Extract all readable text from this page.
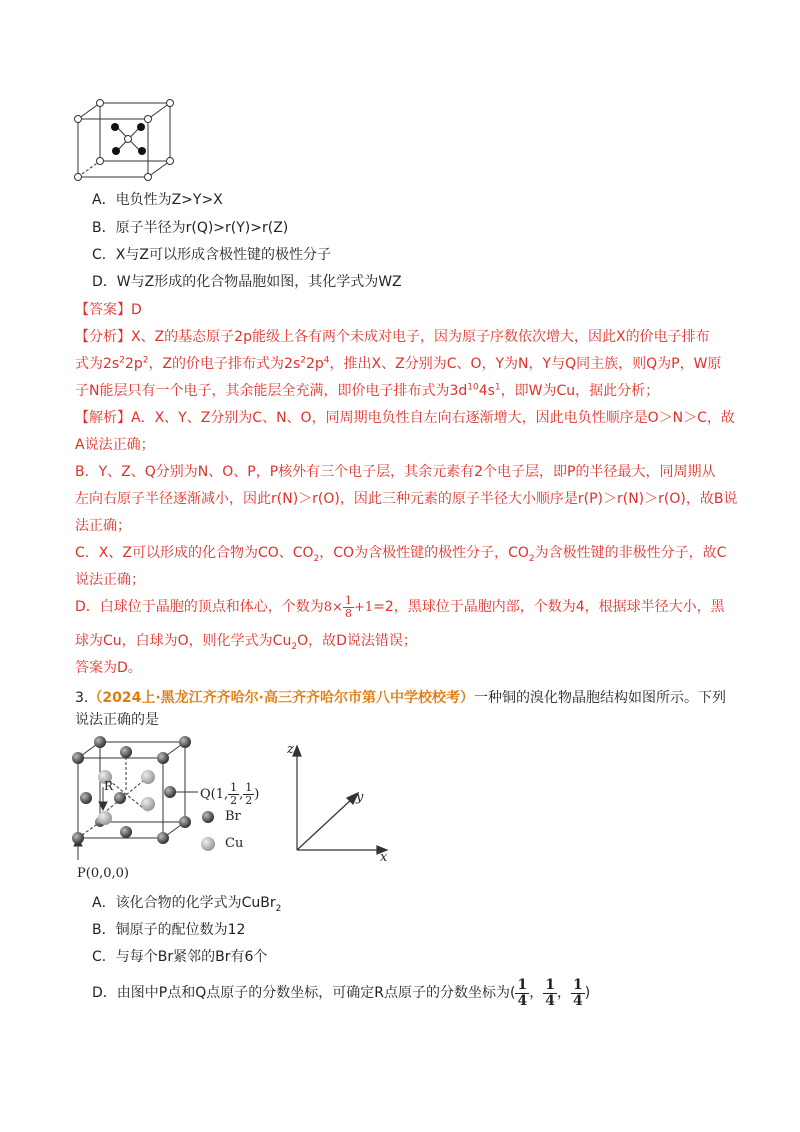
A．电负性为Z>Y>X
B．原子半径为r(Q)>r(Y)>r(Z)
C．X与Z可以形成含极性键的极性分子
D．W与Z形成的化合物晶胞如图，其化学式为WZ
【答案】D
【分析】X、Z的基态原子2p能级上各有两个未成对电子，因为原子序数依次增大，因此X的价电子排布
式为$2s^22p^2$，Z的价电子排布式为$2s^22p^4$，推出X、Z分别为C、O，Y为N，Y与Q同主族，则Q为P，W原
子N能层只有一个电子，其余能层全充满，即价电子排布式为$3d^{10}4s^1$，即W为Cu，据此分析；
【解析】A．X、Y、Z分别为C、N、O，同周期电负性自左向右逐渐增大，因此电负性顺序是O＞N＞C，故
A说法正确；
B．Y、Z、Q分别为N、O、P，P核外有三个电子层，其余元素有2个电子层，即P的半径最大，同周期从
左向右原子半径逐渐减小，因此r(N)＞r(O)，因此三种元素的原子半径大小顺序是r(P)＞r(N)＞r(O)，故B说
法正确；
C．X、Z可以形成的化合物为CO、$CO_2$，CO为含极性键的极性分子，$CO_2$为含极性键的非极性分子，故C
说法正确；
D．白球位于晶胞的顶点和体心，个数为$8\times \frac{1}{8} +1=2$，黑球位于晶胞内部，个数为4，根据球半径大小，黑
球为Cu，白球为O，则化学式为$Cu_2O$，故D说法错误；
答案为D。
3.（2024上·黑龙江齐齐哈尔·高三齐齐哈尔市第八中学校校考）一种铜的溴化物晶胞结构如图所示。下列
说法正确的是
Q(1, $\frac{1}{2}$ , $\frac{1}{2}$ )
R
P(0,0,0)
Br
Cu
z
y
x
A．该化合物的化学式为CuBr$_2$
B．铜原子的配位数为12
C．与每个Br紧邻的Br有6个
D．由图中P点和Q点原子的分数坐标，可确定R点原子的分数坐标为( $\frac{1}{4}$ ， $\frac{1}{4}$ ， $\frac{1}{4}$ )
